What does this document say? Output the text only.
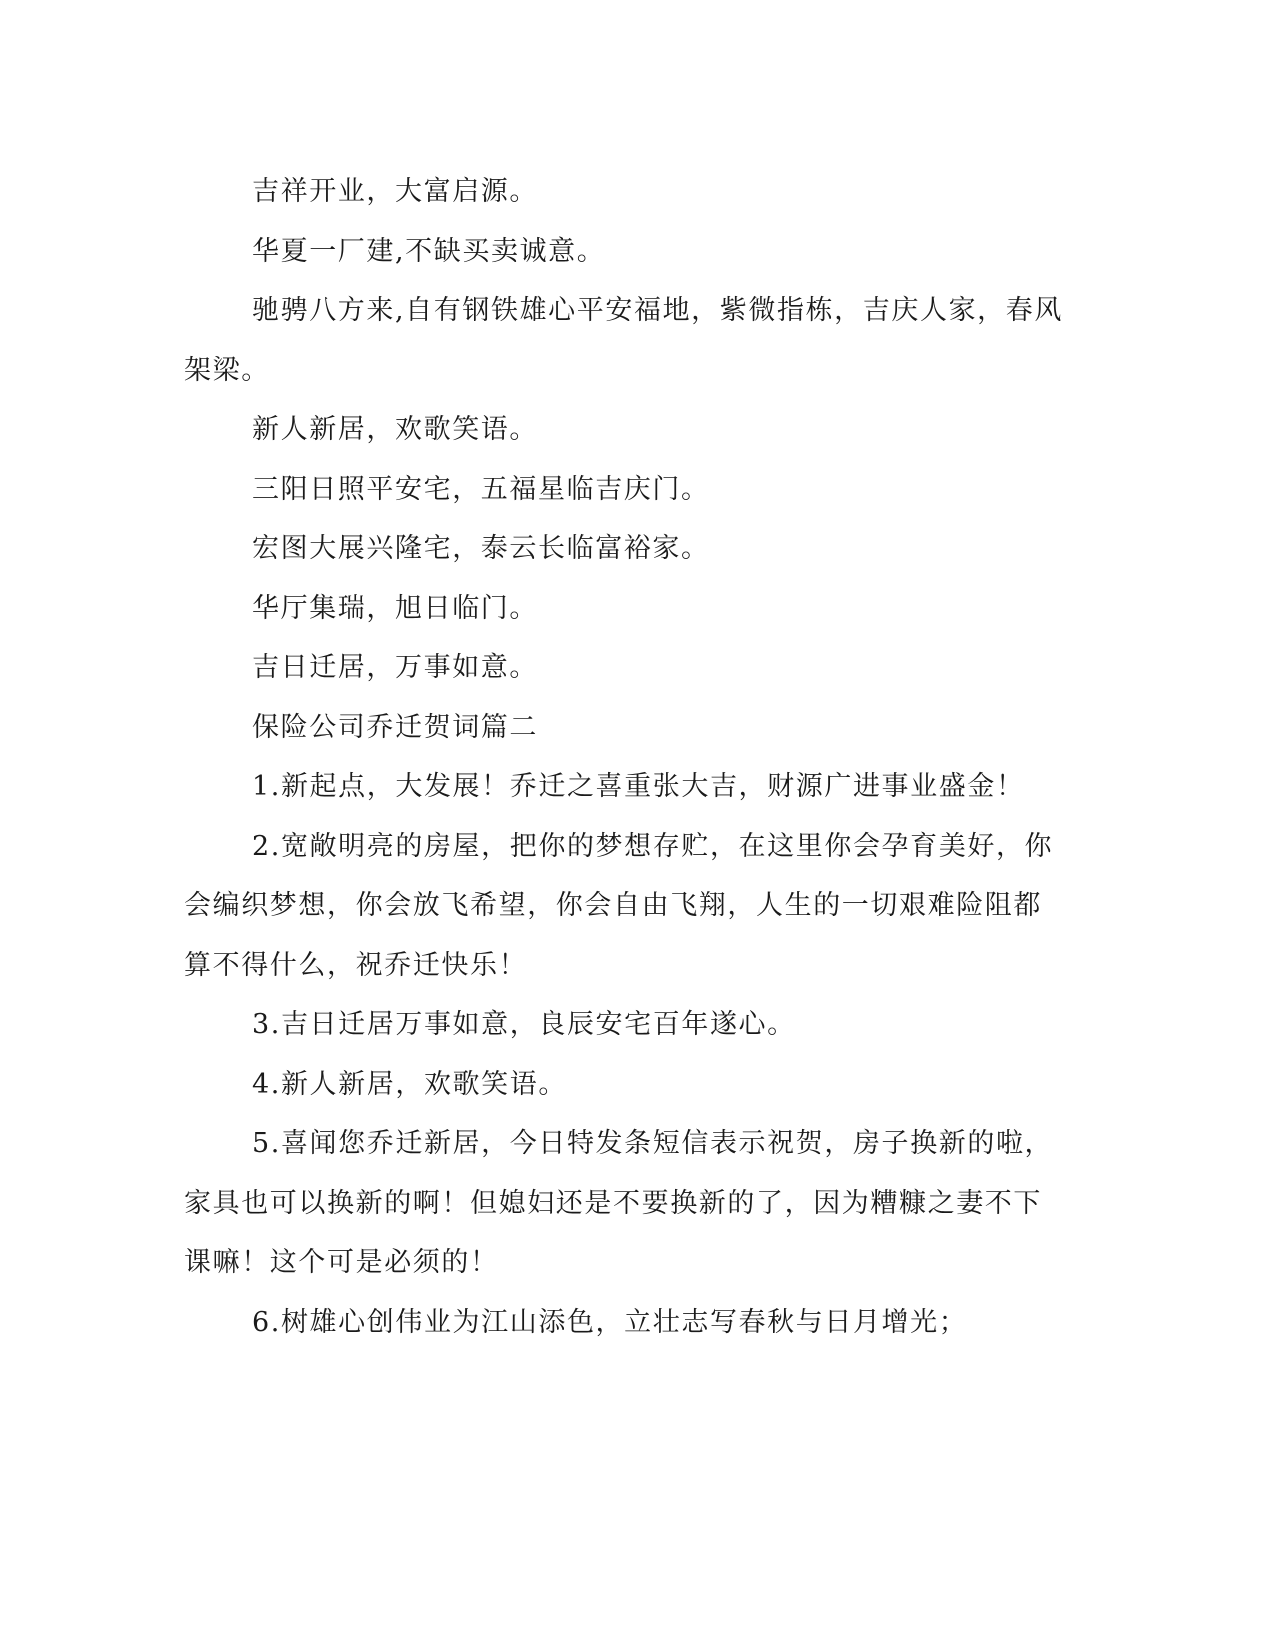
吉祥开业，大富启源。

华夏一厂建,不缺买卖诚意。

驰骋八方来,自有钢铁雄心平安福地，紫微指栋，吉庆人家，春风架梁。

新人新居，欢歌笑语。

三阳日照平安宅，五福星临吉庆门。

宏图大展兴隆宅，泰云长临富裕家。

华厅集瑞，旭日临门。

吉日迁居，万事如意。

保险公司乔迁贺词篇二

1.新起点，大发展！乔迁之喜重张大吉，财源广进事业盛金！

2.宽敞明亮的房屋，把你的梦想存贮，在这里你会孕育美好，你会编织梦想，你会放飞希望，你会自由飞翔，人生的一切艰难险阻都算不得什么，祝乔迁快乐！

3.吉日迁居万事如意，良辰安宅百年遂心。

4.新人新居，欢歌笑语。

5.喜闻您乔迁新居，今日特发条短信表示祝贺，房子换新的啦，家具也可以换新的啊！但媳妇还是不要换新的了，因为糟糠之妻不下课嘛！这个可是必须的！

6.树雄心创伟业为江山添色，立壮志写春秋与日月增光；
